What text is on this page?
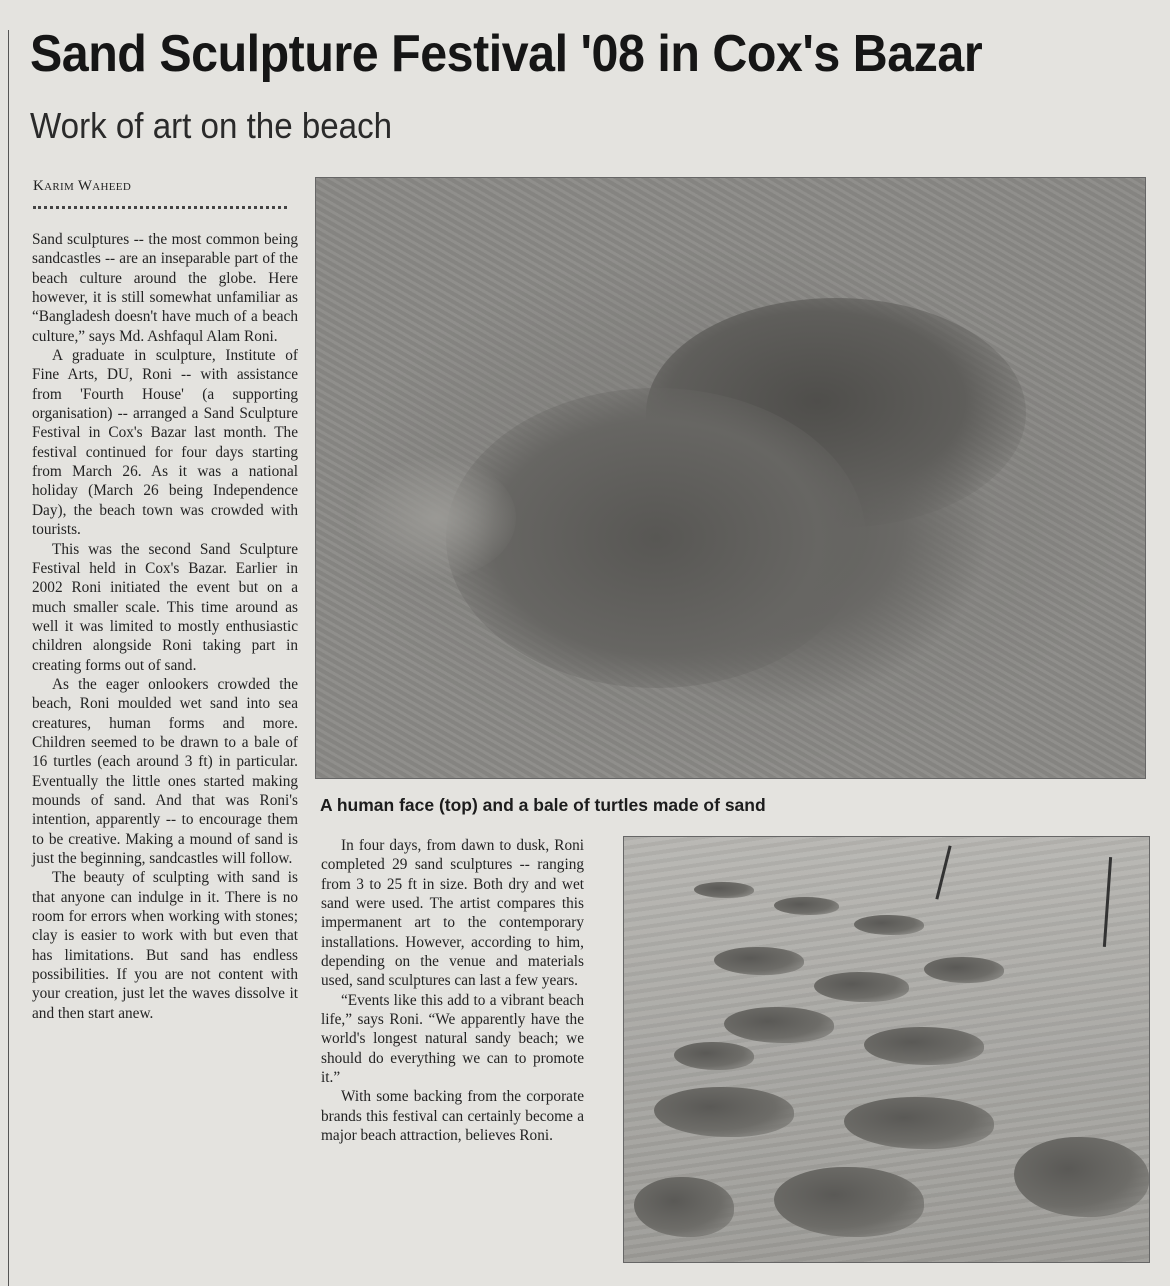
Sand Sculpture Festival '08 in Cox's Bazar
Work of art on the beach
Karim Waheed

Sand sculptures -- the most common being sandcastles -- are an inseparable part of the beach culture around the globe. Here however, it is still somewhat unfamiliar as “Bangladesh doesn't have much of a beach culture,” says Md. Ashfaqul Alam Roni.

A graduate in sculpture, Institute of Fine Arts, DU, Roni -- with assistance from 'Fourth House' (a supporting organisation) -- arranged a Sand Sculpture Festival in Cox's Bazar last month. The festival continued for four days starting from March 26. As it was a national holiday (March 26 being Independence Day), the beach town was crowded with tourists.

This was the second Sand Sculpture Festival held in Cox's Bazar. Earlier in 2002 Roni initiated the event but on a much smaller scale. This time around as well it was limited to mostly enthusiastic children alongside Roni taking part in creating forms out of sand.

As the eager onlookers crowded the beach, Roni moulded wet sand into sea creatures, human forms and more. Children seemed to be drawn to a bale of 16 turtles (each around 3 ft) in particular. Eventually the little ones started making mounds of sand. And that was Roni's intention, apparently -- to encourage them to be creative. Making a mound of sand is just the beginning, sandcastles will follow.

The beauty of sculpting with sand is that anyone can indulge in it. There is no room for errors when working with stones; clay is easier to work with but even that has limitations. But sand has endless possibilities. If you are not content with your creation, just let the waves dissolve it and then start anew.

A human face (top) and a bale of turtles made of sand

In four days, from dawn to dusk, Roni completed 29 sand sculptures -- ranging from 3 to 25 ft in size. Both dry and wet sand were used. The artist compares this impermanent art to the contemporary installations. However, according to him, depending on the venue and materials used, sand sculptures can last a few years.

“Events like this add to a vibrant beach life,” says Roni. “We apparently have the world's longest natural sandy beach; we should do everything we can to promote it.”

With some backing from the corporate brands this festival can certainly become a major beach attraction, believes Roni.
